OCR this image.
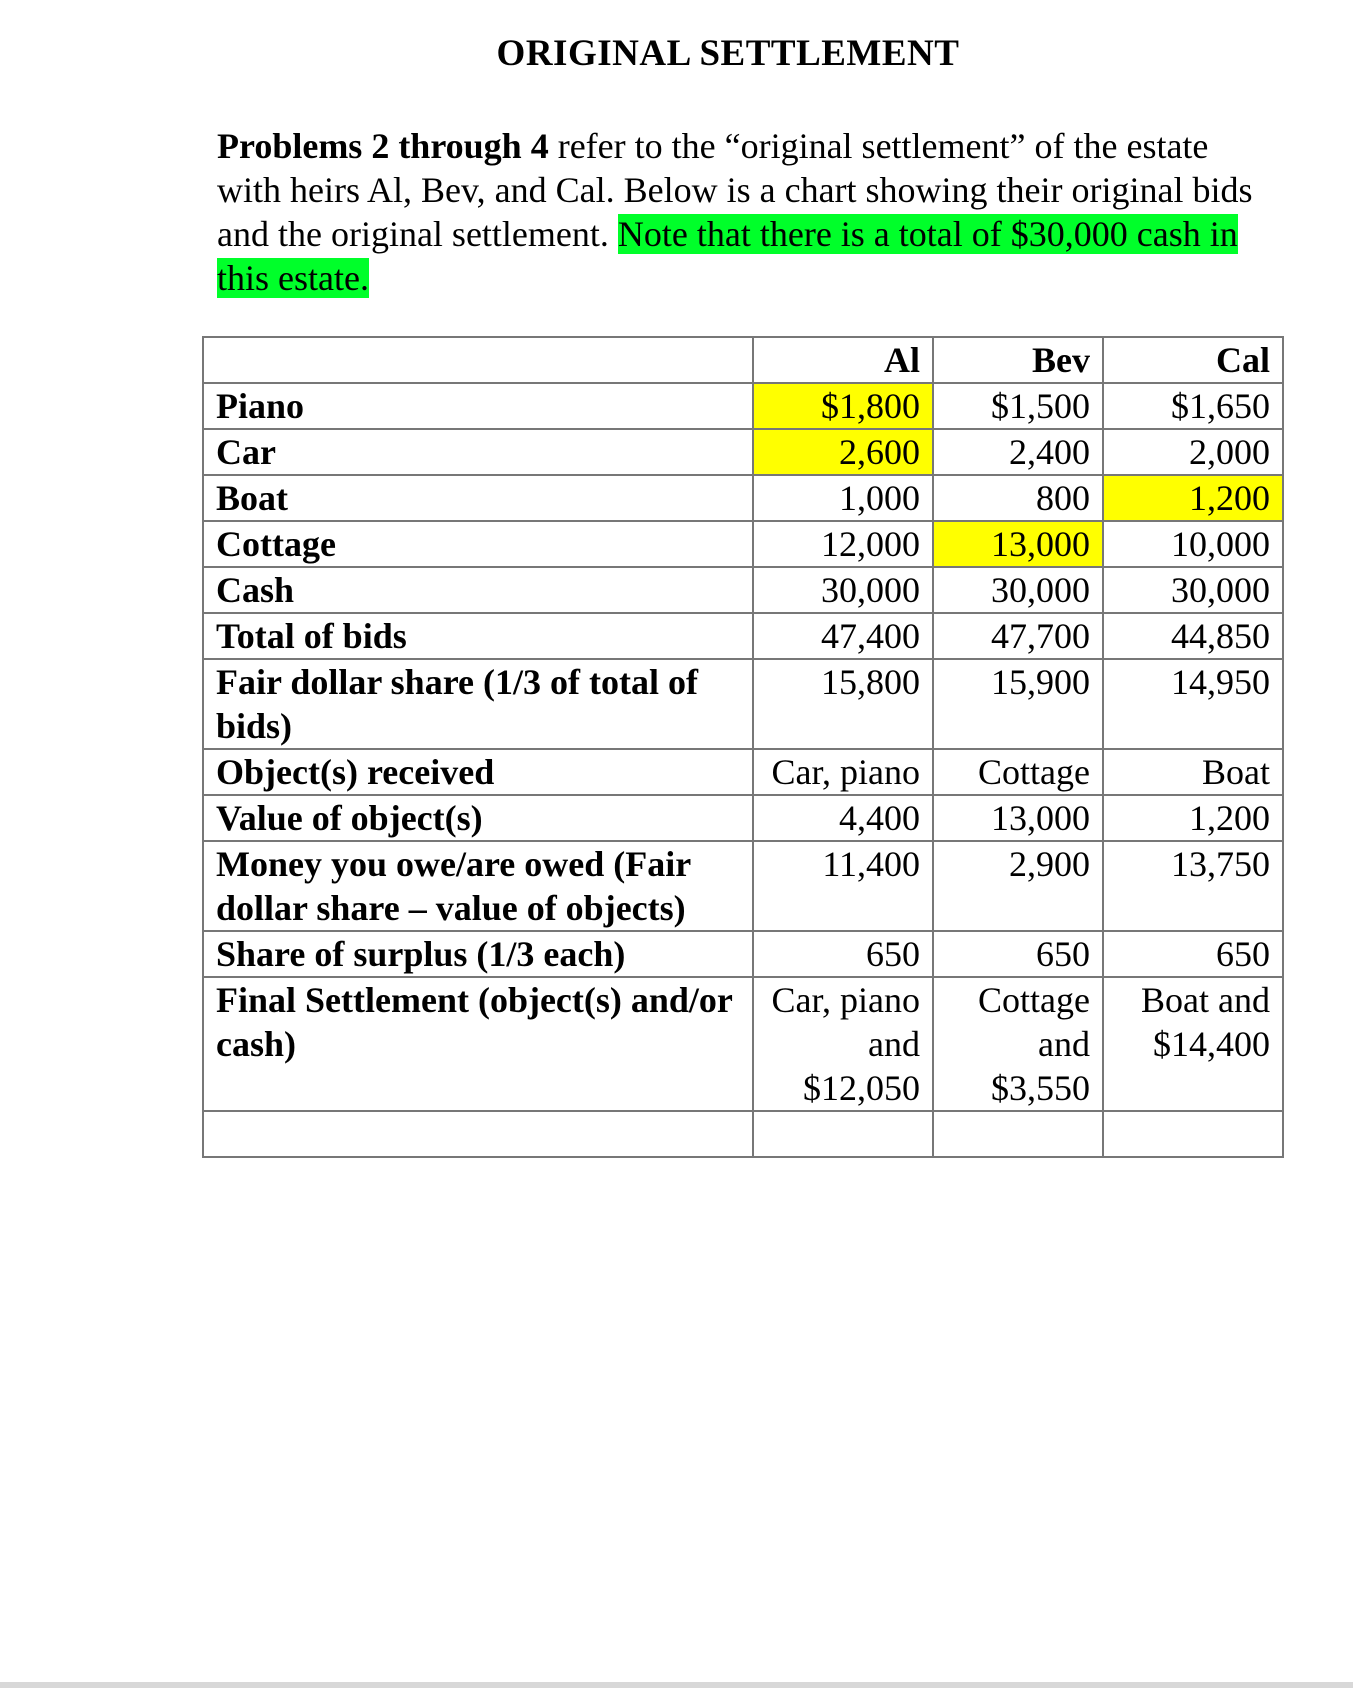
ORIGINAL SETTLEMENT
Problems 2 through 4 refer to the “original settlement” of the estate with heirs Al, Bev, and Cal. Below is a chart showing their original bids and the original settlement. Note that there is a total of $30,000 cash in this estate.
	Al	Bev	Cal
Piano	$1,800	$1,500	$1,650
Car	2,600	2,400	2,000
Boat	1,000	800	1,200
Cottage	12,000	13,000	10,000
Cash	30,000	30,000	30,000
Total of bids	47,400	47,700	44,850
Fair dollar share (1/3 of total of bids)	15,800	15,900	14,950
Object(s) received	Car, piano	Cottage	Boat
Value of object(s)	4,400	13,000	1,200
Money you owe/are owed (Fair dollar share – value of objects)	11,400	2,900	13,750
Share of surplus (1/3 each)	650	650	650
Final Settlement (object(s) and/or cash)	Car, piano and $12,050	Cottage and $3,550	Boat and $14,400
